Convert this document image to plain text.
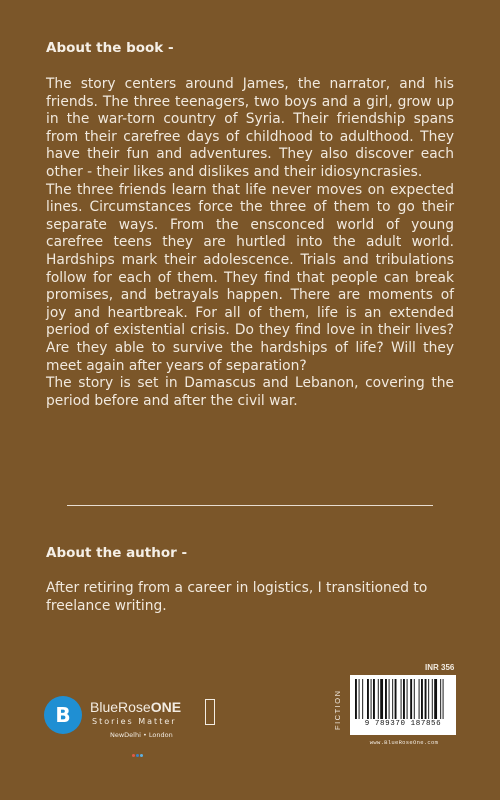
About the book -

The story centers around James, the narrator, and his friends. The three teenagers, two boys and a girl, grow up in the war-torn country of Syria. Their friendship spans from their carefree days of childhood to adulthood. They have their fun and adventures. They also discover each other - their likes and dislikes and their idiosyncrasies.

The three friends learn that life never moves on expected lines. Circumstances force the three of them to go their separate ways. From the ensconced world of young carefree teens they are hurtled into the adult world. Hardships mark their adolescence. Trials and tribulations follow for each of them. They find that people can break promises, and betrayals happen. There are moments of joy and heartbreak. For all of them, life is an extended period of existential crisis. Do they find love in their lives? Are they able to survive the hardships of life? Will they meet again after years of separation?

The story is set in Damascus and Lebanon, covering the period before and after the civil war.

About the author -
After retiring from a career in logistics, I transitioned to freelance writing.
B	BlueRoseONE
Stories Matter
NewDelhi • London
INR 356
FICTION	9 789370 187856
www.BlueRoseOne.com
